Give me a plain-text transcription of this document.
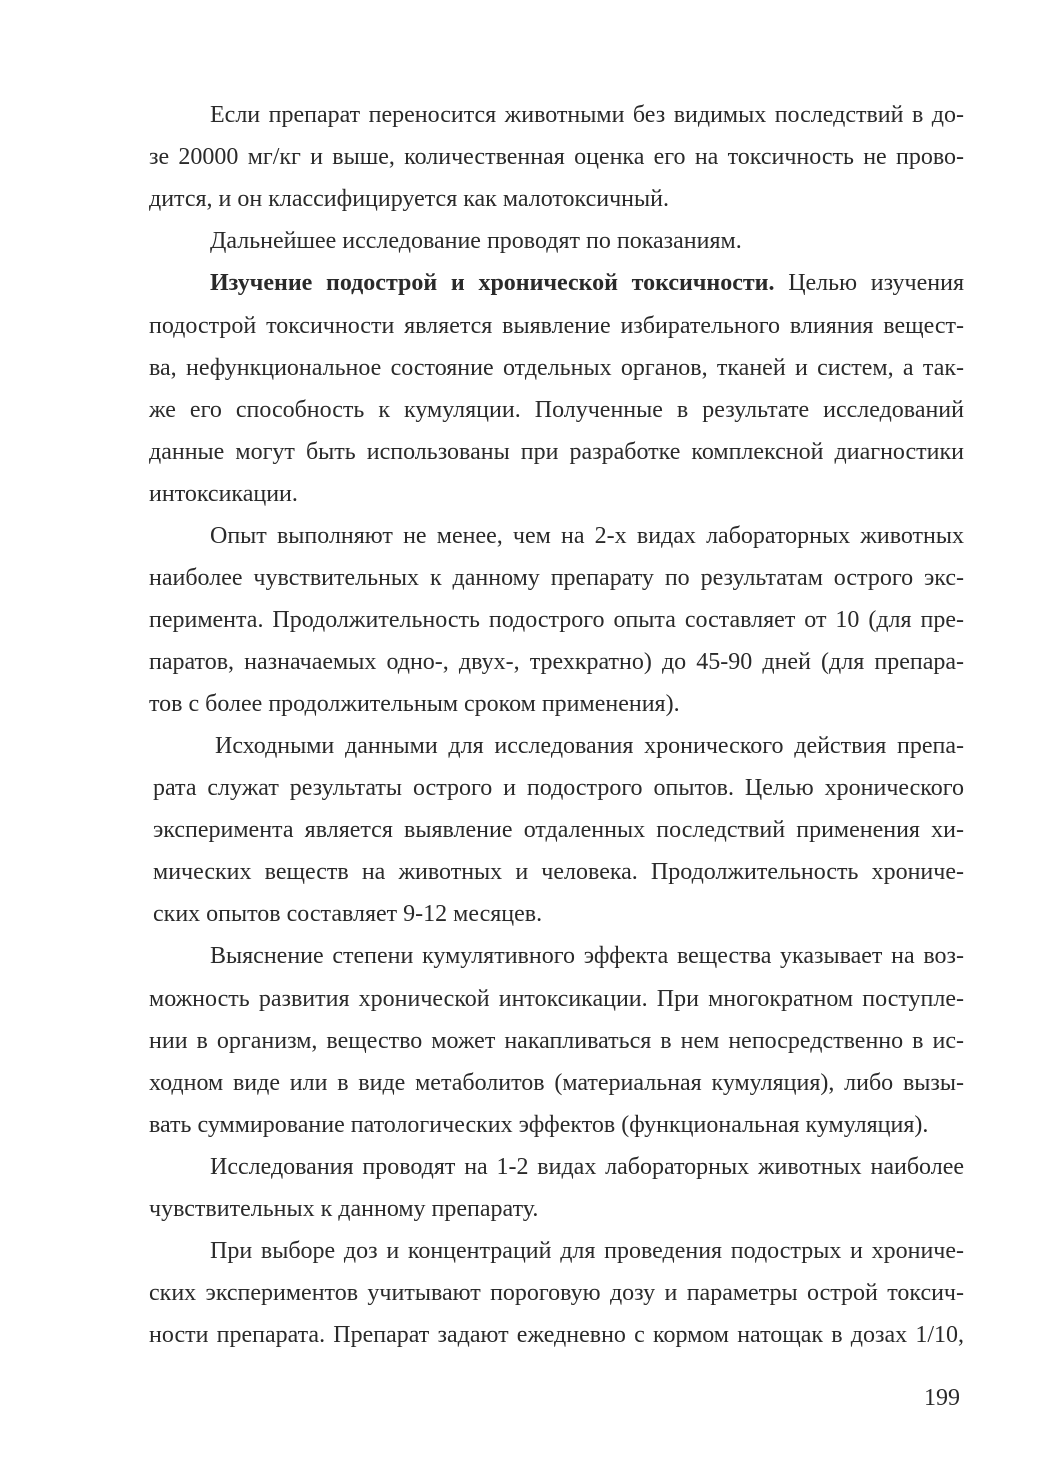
Если препарат переносится животными без видимых последствий в до-
зе 20000 мг/кг и выше, количественная оценка его на токсичность не прово-
дится, и он классифицируется как малотоксичный.
Дальнейшее исследование проводят по показаниям.
Изучение подострой и хронической токсичности. Целью изучения
подострой токсичности является выявление избирательного влияния вещест-
ва, нефункциональное состояние отдельных органов, тканей и систем, а так-
же его способность к кумуляции. Полученные в результате исследований
данные могут быть использованы при разработке комплексной диагностики
интоксикации.
Опыт выполняют не менее, чем на 2-х видах лабораторных животных
наиболее чувствительных к данному препарату по результатам острого экс-
перимента. Продолжительность подострого опыта составляет от 10 (для пре-
паратов, назначаемых одно-, двух-, трехкратно) до 45-90 дней (для препара-
тов с более продолжительным сроком применения).
Исходными данными для исследования хронического действия препа-
рата служат результаты острого и подострого опытов. Целью хронического
эксперимента является выявление отдаленных последствий применения хи-
мических веществ на животных и человека. Продолжительность хрониче-
ских опытов составляет 9-12 месяцев.
Выяснение степени кумулятивного эффекта вещества указывает на воз-
можность развития хронической интоксикации. При многократном поступле-
нии в организм, вещество может накапливаться в нем непосредственно в ис-
ходном виде или в виде метаболитов (материальная кумуляция), либо вызы-
вать суммирование патологических эффектов (функциональная кумуляция).
Исследования проводят на 1-2 видах лабораторных животных наиболее
чувствительных к данному препарату.
При выборе доз и концентраций для проведения подострых и хрониче-
ских экспериментов учитывают пороговую дозу и параметры острой токсич-
ности препарата. Препарат задают ежедневно с кормом натощак в дозах 1/10,
199
